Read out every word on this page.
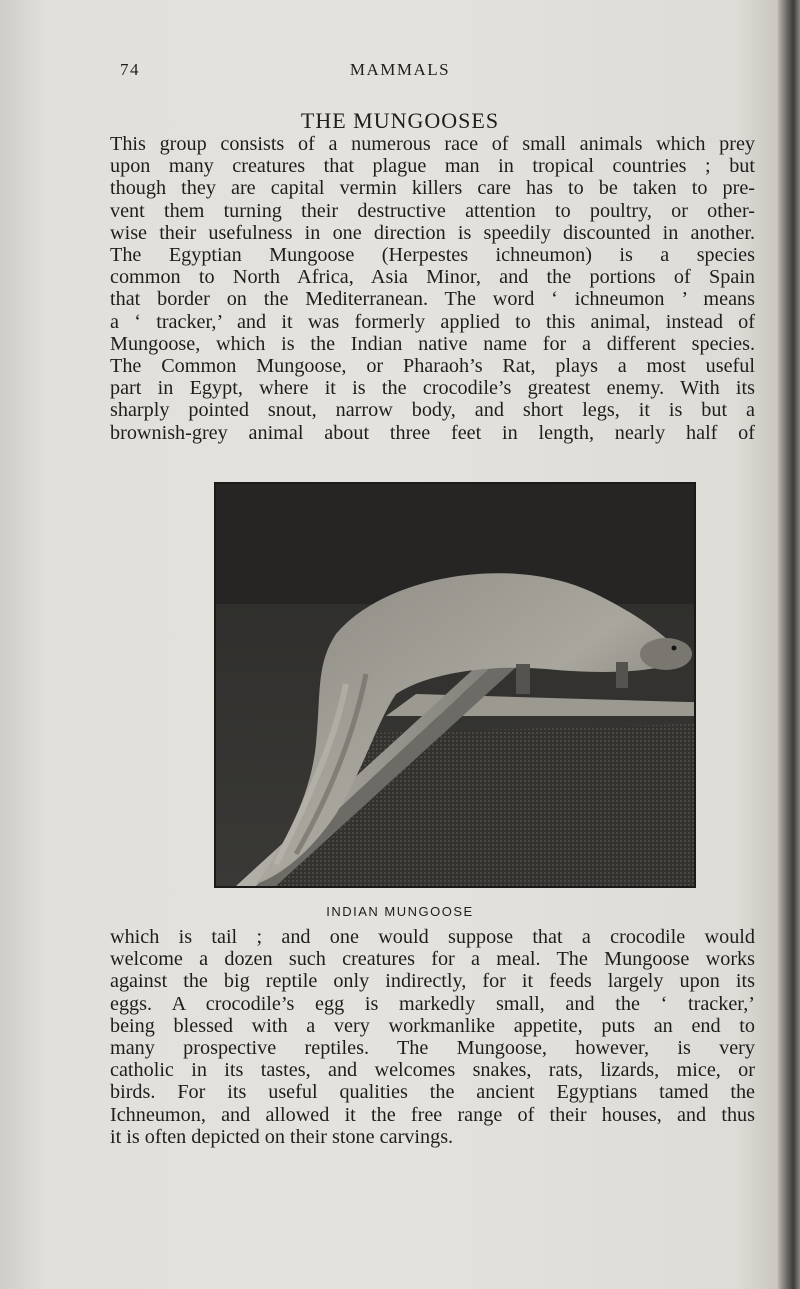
74	MAMMALS
THE MUNGOOSES
This group consists of a numerous race of small animals which prey
upon many creatures that plague man in tropical countries ; but
though they are capital vermin killers care has to be taken to pre-
vent them turning their destructive attention to poultry, or other-
wise their usefulness in one direction is speedily discounted in another.
The Egyptian Mungoose (Herpestes ichneumon) is a species
common to North Africa, Asia Minor, and the portions of Spain
that border on the Mediterranean. The word ‘ ichneumon ’ means
a ‘ tracker,’ and it was formerly applied to this animal, instead of
Mungoose, which is the Indian native name for a different species.
The Common Mungoose, or Pharaoh’s Rat, plays a most useful
part in Egypt, where it is the crocodile’s greatest enemy. With its
sharply pointed snout, narrow body, and short legs, it is but a
brownish-grey animal about three feet in length, nearly half of
INDIAN MUNGOOSE
which is tail ; and one would suppose that a crocodile would
welcome a dozen such creatures for a meal. The Mungoose works
against the big reptile only indirectly, for it feeds largely upon its
eggs. A crocodile’s egg is markedly small, and the ‘ tracker,’
being blessed with a very workmanlike appetite, puts an end to
many prospective reptiles. The Mungoose, however, is very
catholic in its tastes, and welcomes snakes, rats, lizards, mice, or
birds. For its useful qualities the ancient Egyptians tamed the
Ichneumon, and allowed it the free range of their houses, and thus
it is often depicted on their stone carvings.
